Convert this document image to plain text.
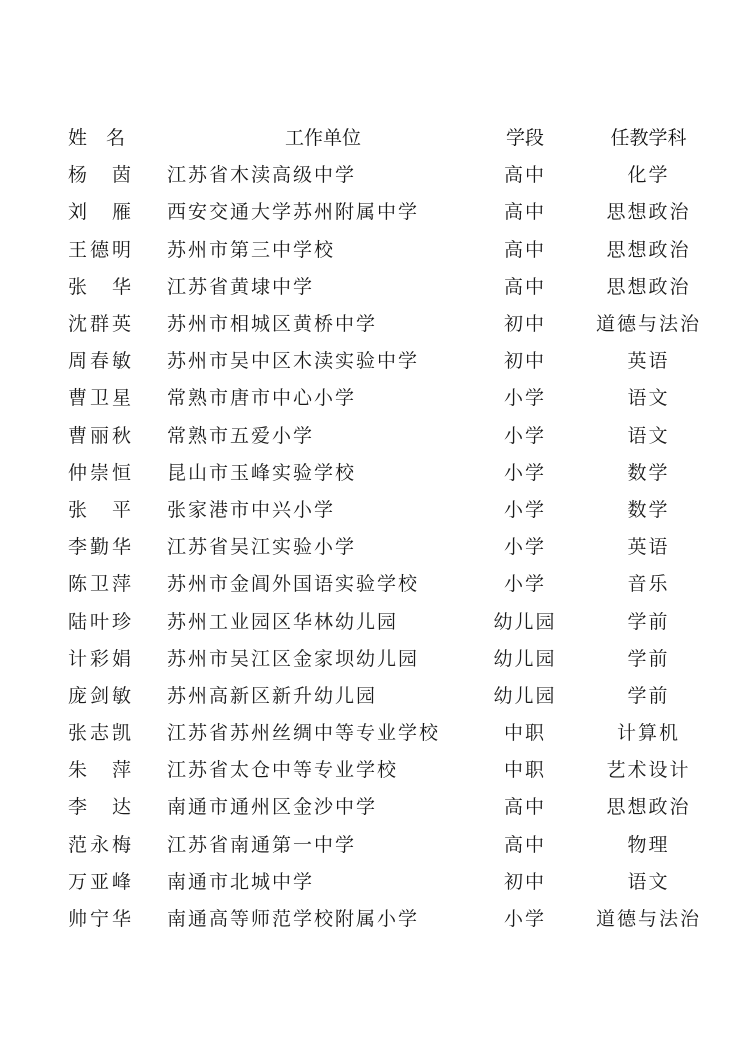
姓　名	工作单位	学段	任教学科
杨　茵	江苏省木渎高级中学	高中	化学
刘　雁	西安交通大学苏州附属中学	高中	思想政治
王德明	苏州市第三中学校	高中	思想政治
张　华	江苏省黄埭中学	高中	思想政治
沈群英	苏州市相城区黄桥中学	初中	道德与法治
周春敏	苏州市吴中区木渎实验中学	初中	英语
曹卫星	常熟市唐市中心小学	小学	语文
曹丽秋	常熟市五爱小学	小学	语文
仲崇恒	昆山市玉峰实验学校	小学	数学
张　平	张家港市中兴小学	小学	数学
李勤华	江苏省吴江实验小学	小学	英语
陈卫萍	苏州市金阊外国语实验学校	小学	音乐
陆叶珍	苏州工业园区华林幼儿园	幼儿园	学前
计彩娟	苏州市吴江区金家坝幼儿园	幼儿园	学前
庞剑敏	苏州高新区新升幼儿园	幼儿园	学前
张志凯	江苏省苏州丝绸中等专业学校	中职	计算机
朱　萍	江苏省太仓中等专业学校	中职	艺术设计
李　达	南通市通州区金沙中学	高中	思想政治
范永梅	江苏省南通第一中学	高中	物理
万亚峰	南通市北城中学	初中	语文
帅宁华	南通高等师范学校附属小学	小学	道德与法治
